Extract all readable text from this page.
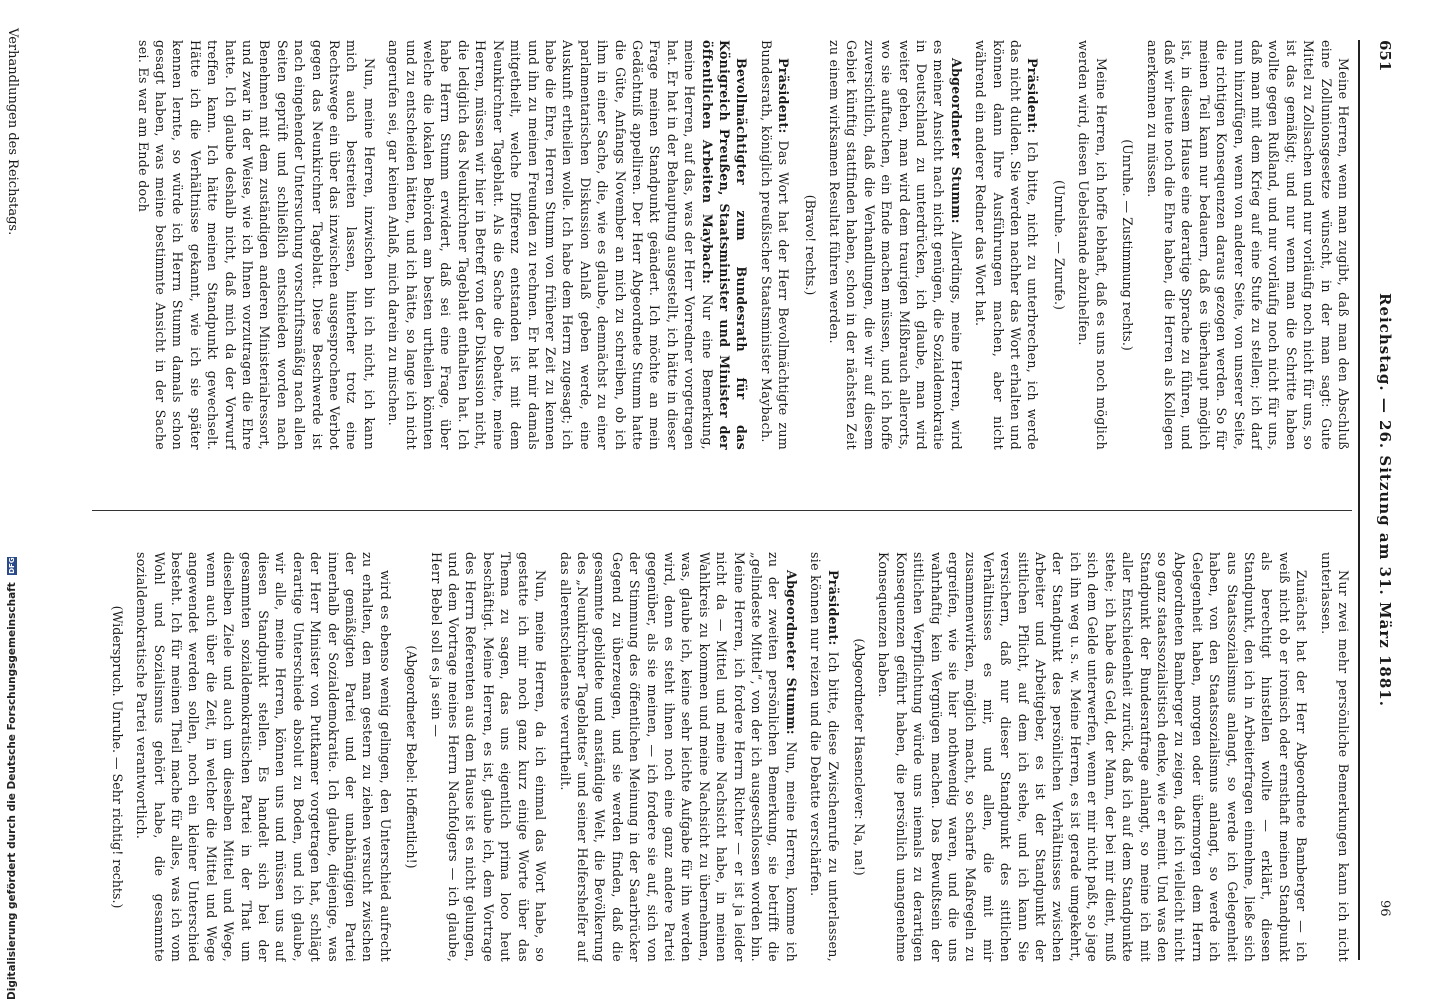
651
Reichstag. — 26. Sitzung am 31. März 1881.

Meine Herren, wenn man zugibt, daß man den Abschluß eine Zollunionsgesetze wünscht, in der man sagt: Gute Mittel zu Zollsachen und nur vorläufig noch nicht für uns, so ist das gemäßigt; und nur wenn man die Schritte haben wollte gegen Rußland, und nur vorläufig noch nicht für uns, daß man mit dem Krieg auf eine Stufe zu stellen; ich darf nun hinzufügen, wenn von anderer Seite, von unserer Seite, die richtigen Konsequenzen daraus gezogen werden. So für meinen Teil kann nur bedauern, daß es überhaupt möglich ist, in diesem Hause eine derartige Sprache zu führen, und daß wir heute noch die Ehre haben, die Herren als Kollegen anerkennen zu müssen.

(Unruhe. — Zustimmung rechts.)

Meine Herren, ich hoffe lebhaft, daß es uns noch möglich werden wird, diesen Uebelstande abzuhelfen.

(Unruhe. — Zurufe.)

Präsident: Ich bitte, nicht zu unterbrechen, ich werde das nicht dulden. Sie werden nachher das Wort erhalten und können dann Ihre Ausführungen machen, aber nicht während ein anderer Redner das Wort hat.

Abgeordneter Stumm: Allerdings, meine Herren, wird es meiner Ansicht nach nicht genügen, die Sozialdemokratie in Deutschland zu unterdrücken, ich glaube, man wird weiter gehen, man wird dem traurigen Mißbrauch allerorts, wo sie auftauchen, ein Ende machen müssen, und ich hoffe zuversichtlich, daß die Verhandlungen, die wir auf diesem Gebiet künftig stattfinden haben, schon in der nächsten Zeit zu einem wirksamen Resultat führen werden.

(Bravo! rechts.)

Präsident: Das Wort hat der Herr Bevollmächtigte zum Bundesrath, königlich preußischer Staatsminister Maybach.

Bevollmächtigter zum Bundesrath für das Königreich Preußen, Staatsminister und Minister der öffentlichen Arbeiten Maybach: Nur eine Bemerkung, meine Herren, auf das, was der Herr Vorredner vorgetragen hat. Er hat in der Behauptung ausgestellt, ich hätte in dieser Frage meinen Standpunkt geändert. Ich möchte an mein Gedächtniß appelliren. Der Herr Abgeordnete Stumm hatte die Güte, Anfangs November an mich zu schreiben, ob ich ihm in einer Sache, die, wie es glaube, demnächst zu einer parlamentarischen Diskussion Anlaß geben werde, eine Auskunft ertheilen wolle. Ich habe dem Herrn zugesagt; ich habe die Ehre, Herren Stumm von früherer Zeit zu kennen und ihn zu meinen Freunden zu rechnen. Er hat mir damals mitgetheilt, welche Differenz entstanden ist mit dem Neunkirchner Tageblatt. Als die Sache die Debatte, meine Herren, müssen wir hier in Betreff von der Diskussion nicht, die lediglich das Neunkirchner Tageblatt enthalten hat. Ich habe Herrn Stumm erwidert, daß sei eine Frage, über welche die lokalen Behörden am besten urtheilen könnten und zu entscheiden hätten, und ich hätte, so lange ich nicht angerufen sei, gar keinen Anlaß, mich darein zu mischen.

Nun, meine Herren, inzwischen bin ich nicht, ich kann mich auch bestreiten lassen, hinterher trotz eine Rechtswege ein über das inzwischen ausgesprochene Verbot gegen das Neunkirchner Tageblatt. Diese Beschwerde ist nach eingehender Untersuchung vorschriftsmäßig nach allen Seiten geprüft und schließlich entschieden worden nach Benehmen mit dem zuständigen anderen Ministerialressort, und zwar in der Weise, wie ich Ihnen vorzutragen die Ehre hatte. Ich glaube deshalb nicht, daß mich da der Vorwurf treffen kann. Ich hätte meinen Standpunkt gewechselt. Hätte ich die Verhältnisse gekannt, wie ich sie später kennen lernte, so würde ich Herrn Stumm damals schon gesagt haben, was meine bestimmte Ansicht in der Sache sei. Es war am Ende doch

Nur zwei mehr persönliche Bemerkungen kann ich nicht unterlassen.

Zunächst hat der Herr Abgeordnete Bamberger — ich weiß nicht ob er ironisch oder ernsthaft meinen Standpunkt als berechtigt hinstellen wollte — erklärt, diesen Standpunkt, den ich in Arbeiterfragen einnehme, ließe sich aus Staatssozialismus anlangt, so werde ich Gelegenheit haben, von den Staatssozialismus anlangt, so werde ich Gelegenheit haben, morgen oder übermorgen dem Herrn Abgeordneten Bamberger zu zeigen, daß ich vielleicht nicht so ganz staatssozialistisch denke, wie er meint. Und was den Standpunkt der Bundesratfrage anlangt, so meine ich mit aller Entschiedenheit zurück, daß ich auf dem Standpunkte stehe; ich habe das Geld, der Mann, der bei mir dient, muß sich dem Gelde unterwerfen, wenn er mir nicht paßt, so jage ich ihn weg u. s. w. Meine Herren, es ist gerade umgekehrt, der Standpunkt des persönlichen Verhältnisses zwischen Arbeiter und Arbeitgeber, es ist der Standpunkt der sittlichen Pflicht, auf dem ich stehe, und ich kann Sie versichern, daß nur dieser Standpunkt des sittlichen Verhältnisses es mir, und allen, die mit mir zusammenwirken, möglich macht, so scharfe Maßregeln zu ergreifen, wie sie hier nothwendig waren, und die uns wahrhaftig kein Vergnügen machen. Das Bewußtsein der sittlichen Verpflichtung würde uns niemals zu derartigen Konsequenzen geführt haben, die persönlich unangenehme Konsequenzen haben.

(Abgeordneter Hasenclever: Na, na!)

Präsident: Ich bitte, diese Zwischenrufe zu unterlassen, sie können nur reizen und die Debatte verschärfen.

Abgeordneter Stumm: Nun, meine Herren, komme ich zu der zweiten persönlichen Bemerkung, sie betrifft die „gelindeste Mittel“, von der ich ausgeschlossen worden bin. Meine Herren, ich fordere Herrn Richter — er ist ja leider nicht da — Mittel und meine Nachsicht habe, in meinen Wahlkreis zu kommen und meine Nachsicht zu übernehmen, was, glaube ich, keine sehr leichte Aufgabe für ihn werden wird, denn es steht ihnen noch eine ganz andere Partei gegenüber, als sie meinen, — ich fordere sie auf, sich von der Stimmung des öffentlichen Meinung in der Saarbrücker Gegend zu überzeugen, und sie werden finden, daß die gesammte gebildete und anständige Welt, die Bevölkerung des „Neunkirchner Tageblattes“ und seiner Helfershelfer auf das allerentschiedenste verurtheilt.

Nun, meine Herren, da ich einmal das Wort habe, so gestatte ich mir noch ganz kurz einige Worte über das Thema zu sagen, das uns eigentlich prima loco heut beschäftigt. Meine Herren, es ist, glaube ich, dem Vortrage des Herrn Referenten aus dem Hause ist es nicht gelungen, und dem Vortrage meines Herrn Nachfolgers — ich glaube, Herr Bebel soll es ja sein —

(Abgeordneter Bebel: Hoffentlich!)

wird es ebenso wenig gelingen, den Unterschied aufrecht zu erhalten, den man gestern zu ziehen versucht zwischen der gemäßigten Partei und der unabhängigen Partei innerhalb der Sozialdemokratie. Ich glaube, diejenige, was der Herr Minister von Puttkamer vorgetragen hat, schlägt derartige Unterschiede absolut zu Boden, und ich glaube, wir alle, meine Herren, können uns und müssen uns auf diesen Standpunkt stellen. Es handelt sich bei der gesammten sozialdemokratischen Partei in der That um dieselben Ziele und auch um dieselben Mittel und Wege, wenn auch über die Zeit, in welcher die Mittel und Wege angewendet werden sollen, noch ein kleiner Unterschied besteht. Ich für meinen Theil mache für alles, was ich vom Wohl und Sozialismus gehört habe, die gesammte sozialdemokratische Partei verantwortlich.

(Widerspruch. Unruhe. — Sehr richtig! rechts.)

Digitalisierung gefördert durch die Deutsche Forschungsgemeinschaft DFG
96
Verhandlungen des Reichstags.
